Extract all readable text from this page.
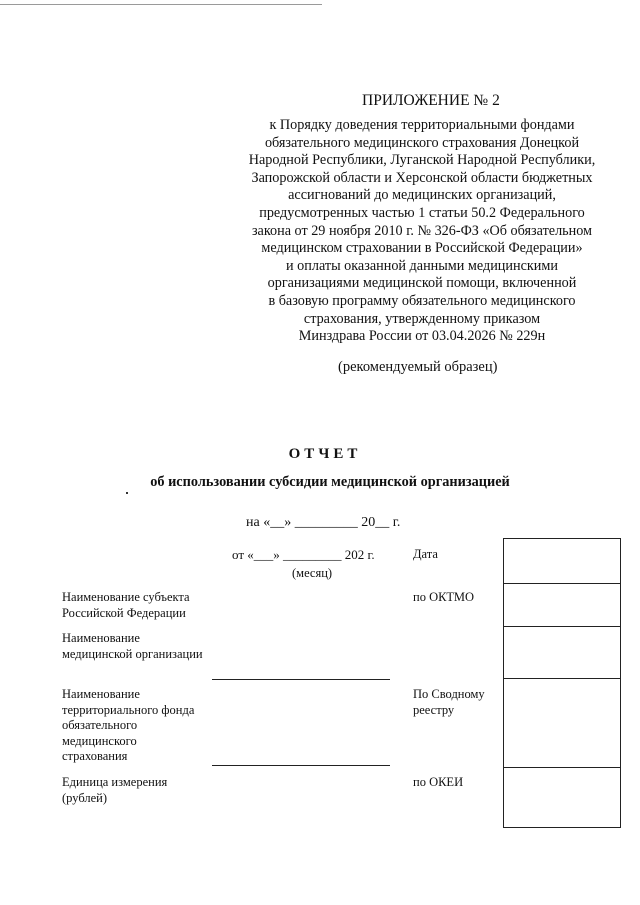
ПРИЛОЖЕНИЕ № 2
к Порядку доведения территориальными фондами
обязательного медицинского страхования Донецкой
Народной Республики, Луганской Народной Республики,
Запорожской области и Херсонской области бюджетных
ассигнований до медицинских организаций,
предусмотренных частью 1 статьи 50.2 Федерального
закона от 29 ноября 2010 г. № 326-ФЗ «Об обязательном
медицинском страховании в Российской Федерации»
и оплаты оказанной данными медицинскими
организациями медицинской помощи, включенной
в базовую программу обязательного медицинского
страхования, утвержденному приказом
Минздрава России от 03.04.2026 № 229н
(рекомендуемый образец)
ОТЧЕТ
об использовании субсидии медицинской организацией
на «__» _________ 20__ г.
от «___» _________ 202 г.
(месяц)
Наименование субъекта
Российской Федерации
Наименование
медицинской организации
Наименование
территориального фонда
обязательного
медицинского
страхования
Единица измерения
(рублей)
Дата
по ОКТМО
По Сводному
реестру
по ОКЕИ
